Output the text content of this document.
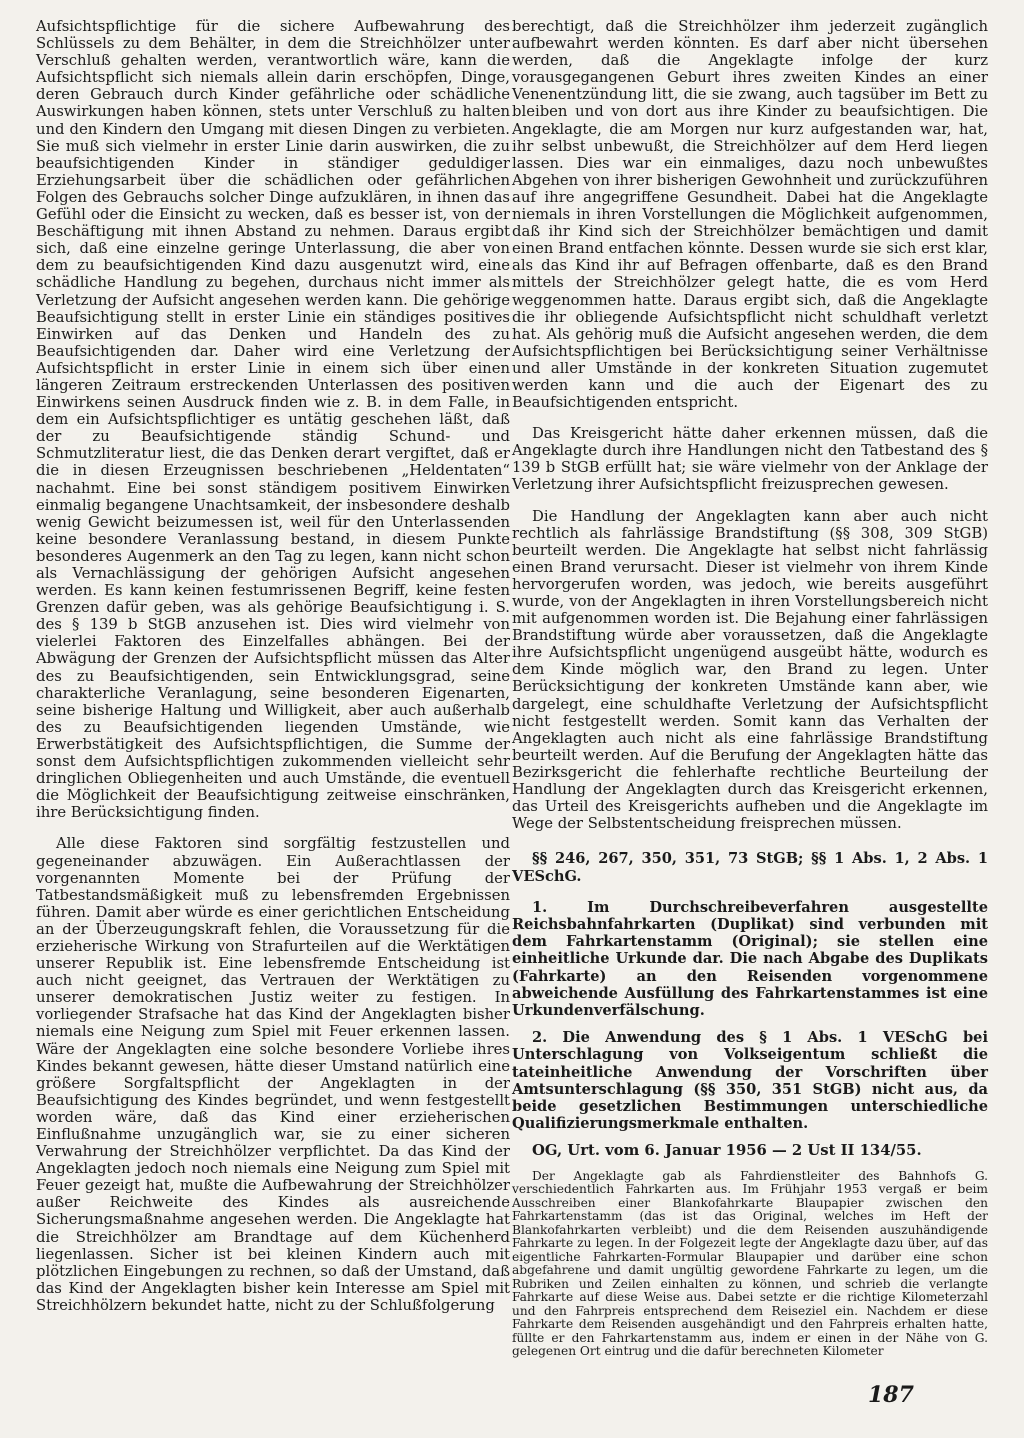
Aufsichtspflichtige für die sichere Aufbewahrung des Schlüssels zu dem Behälter, in dem die Streichhölzer unter Verschluß gehalten werden, verantwortlich wäre, kann die Aufsichtspflicht sich niemals allein darin erschöpfen, Dinge, deren Gebrauch durch Kinder gefährliche oder schädliche Auswirkungen haben können, stets unter Verschluß zu halten und den Kindern den Umgang mit diesen Dingen zu verbieten. Sie muß sich vielmehr in erster Linie darin auswirken, die zu beaufsichtigenden Kinder in ständiger geduldiger Erziehungsarbeit über die schädlichen oder gefährlichen Folgen des Gebrauchs solcher Dinge aufzuklären, in ihnen das Gefühl oder die Einsicht zu wecken, daß es besser ist, von der Beschäftigung mit ihnen Abstand zu nehmen. Daraus ergibt sich, daß eine einzelne geringe Unterlassung, die aber von dem zu beaufsichtigenden Kind dazu ausgenutzt wird, eine schädliche Handlung zu begehen, durchaus nicht immer als Verletzung der Aufsicht angesehen werden kann. Die gehörige Beaufsichtigung stellt in erster Linie ein ständiges positives Einwirken auf das Denken und Handeln des zu Beaufsichtigenden dar. Daher wird eine Verletzung der Aufsichtspflicht in erster Linie in einem sich über einen längeren Zeitraum erstreckenden Unterlassen des positiven Einwirkens seinen Ausdruck finden wie z. B. in dem Falle, in dem ein Aufsichtspflichtiger es untätig geschehen läßt, daß der zu Beaufsichtigende ständig Schund- und Schmutzliteratur liest, die das Denken derart vergiftet, daß er die in diesen Erzeugnissen beschriebenen „Heldentaten“ nachahmt. Eine bei sonst ständigem positivem Einwirken einmalig begangene Unachtsamkeit, der insbesondere deshalb wenig Gewicht beizumessen ist, weil für den Unterlassenden keine besondere Veranlassung bestand, in diesem Punkte besonderes Augenmerk an den Tag zu legen, kann nicht schon als Vernachlässigung der gehörigen Aufsicht angesehen werden. Es kann keinen festumrissenen Begriff, keine festen Grenzen dafür geben, was als gehörige Beaufsichtigung i. S. des § 139 b StGB anzusehen ist. Dies wird vielmehr von vielerlei Faktoren des Einzelfalles abhängen. Bei der Abwägung der Grenzen der Aufsichtspflicht müssen das Alter des zu Beaufsichtigenden, sein Entwicklungsgrad, seine charakterliche Veranlagung, seine besonderen Eigenarten, seine bisherige Haltung und Willigkeit, aber auch außerhalb des zu Beaufsichtigenden liegenden Umstände, wie Erwerbstätigkeit des Aufsichtspflichtigen, die Summe der sonst dem Aufsichtspflichtigen zukommenden vielleicht sehr dringlichen Obliegenheiten und auch Umstände, die eventuell die Möglichkeit der Beaufsichtigung zeitweise einschränken, ihre Berücksichtigung finden.

Alle diese Faktoren sind sorgfältig festzustellen und gegeneinander abzuwägen. Ein Außerachtlassen der vorgenannten Momente bei der Prüfung der Tatbestandsmäßigkeit muß zu lebensfremden Ergebnissen führen. Damit aber würde es einer gerichtlichen Entscheidung an der Überzeugungskraft fehlen, die Voraussetzung für die erzieherische Wirkung von Strafurteilen auf die Werktätigen unserer Republik ist. Eine lebensfremde Entscheidung ist auch nicht geeignet, das Vertrauen der Werktätigen zu unserer demokratischen Justiz weiter zu festigen. In vorliegender Strafsache hat das Kind der Angeklagten bisher niemals eine Neigung zum Spiel mit Feuer erkennen lassen. Wäre der Angeklagten eine solche besondere Vorliebe ihres Kindes bekannt gewesen, hätte dieser Umstand natürlich eine größere Sorgfaltspflicht der Angeklagten in der Beaufsichtigung des Kindes begründet, und wenn festgestellt worden wäre, daß das Kind einer erzieherischen Einflußnahme unzugänglich war, sie zu einer sicheren Verwahrung der Streichhölzer verpflichtet. Da das Kind der Angeklagten jedoch noch niemals eine Neigung zum Spiel mit Feuer gezeigt hat, mußte die Aufbewahrung der Streichhölzer außer Reichweite des Kindes als ausreichende Sicherungsmaßnahme angesehen werden. Die Angeklagte hat die Streichhölzer am Brandtage auf dem Küchenherd liegenlassen. Sicher ist bei kleinen Kindern auch mit plötzlichen Eingebungen zu rechnen, so daß der Umstand, daß das Kind der Angeklagten bisher kein Interesse am Spiel mit Streichhölzern bekundet hatte, nicht zu der Schlußfolgerung

berechtigt, daß die Streichhölzer ihm jederzeit zugänglich aufbewahrt werden könnten. Es darf aber nicht übersehen werden, daß die Angeklagte infolge der kurz vorausgegangenen Geburt ihres zweiten Kindes an einer Venenentzündung litt, die sie zwang, auch tagsüber im Bett zu bleiben und von dort aus ihre Kinder zu beaufsichtigen. Die Angeklagte, die am Morgen nur kurz aufgestanden war, hat, ihr selbst unbewußt, die Streichhölzer auf dem Herd liegen lassen. Dies war ein einmaliges, dazu noch unbewußtes Abgehen von ihrer bisherigen Gewohnheit und zurückzuführen auf ihre angegriffene Gesundheit. Dabei hat die Angeklagte niemals in ihren Vorstellungen die Möglichkeit aufgenommen, daß ihr Kind sich der Streichhölzer bemächtigen und damit einen Brand entfachen könnte. Dessen wurde sie sich erst klar, als das Kind ihr auf Befragen offenbarte, daß es den Brand mittels der Streichhölzer gelegt hatte, die es vom Herd weggenommen hatte. Daraus ergibt sich, daß die Angeklagte die ihr obliegende Aufsichtspflicht nicht schuldhaft verletzt hat. Als gehörig muß die Aufsicht angesehen werden, die dem Aufsichtspflichtigen bei Berücksichtigung seiner Verhältnisse und aller Umstände in der konkreten Situation zugemutet werden kann und die auch der Eigenart des zu Beaufsichtigenden entspricht.

Das Kreisgericht hätte daher erkennen müssen, daß die Angeklagte durch ihre Handlungen nicht den Tatbestand des § 139 b StGB erfüllt hat; sie wäre vielmehr von der Anklage der Verletzung ihrer Aufsichtspflicht freizusprechen gewesen.

Die Handlung der Angeklagten kann aber auch nicht rechtlich als fahrlässige Brandstiftung (§§ 308, 309 StGB) beurteilt werden. Die Angeklagte hat selbst nicht fahrlässig einen Brand verursacht. Dieser ist vielmehr von ihrem Kinde hervorgerufen worden, was jedoch, wie bereits ausgeführt wurde, von der Angeklagten in ihren Vorstellungsbereich nicht mit aufgenommen worden ist. Die Bejahung einer fahrlässigen Brandstiftung würde aber voraussetzen, daß die Angeklagte ihre Aufsichtspflicht ungenügend ausgeübt hätte, wodurch es dem Kinde möglich war, den Brand zu legen. Unter Berücksichtigung der konkreten Umstände kann aber, wie dargelegt, eine schuldhafte Verletzung der Aufsichtspflicht nicht festgestellt werden. Somit kann das Verhalten der Angeklagten auch nicht als eine fahrlässige Brandstiftung beurteilt werden. Auf die Berufung der Angeklagten hätte das Bezirksgericht die fehlerhafte rechtliche Beurteilung der Handlung der Angeklagten durch das Kreisgericht erkennen, das Urteil des Kreisgerichts aufheben und die Angeklagte im Wege der Selbstentscheidung freisprechen müssen.

§§ 246, 267, 350, 351, 73 StGB; §§ 1 Abs. 1, 2 Abs. 1 VESchG.

1. Im Durchschreibeverfahren ausgestellte Reichsbahnfahrkarten (Duplikat) sind verbunden mit dem Fahrkartenstamm (Original); sie stellen eine einheitliche Urkunde dar. Die nach Abgabe des Duplikats (Fahrkarte) an den Reisenden vorgenommene abweichende Ausfüllung des Fahrkartenstammes ist eine Urkundenverfälschung.

2. Die Anwendung des § 1 Abs. 1 VESchG bei Unterschlagung von Volkseigentum schließt die tateinheitliche Anwendung der Vorschriften über Amtsunterschlagung (§§ 350, 351 StGB) nicht aus, da beide gesetzlichen Bestimmungen unterschiedliche Qualifizierungsmerkmale enthalten.

OG, Urt. vom 6. Januar 1956 — 2 Ust II 134/55.

Der Angeklagte gab als Fahrdienstleiter des Bahnhofs G. verschiedentlich Fahrkarten aus. Im Frühjahr 1953 vergaß er beim Ausschreiben einer Blankofahrkarte Blaupapier zwischen den Fahrkartenstamm (das ist das Original, welches im Heft der Blankofahrkarten verbleibt) und die dem Reisenden auszuhändigende Fahrkarte zu legen. In der Folgezeit legte der Angeklagte dazu über, auf das eigentliche Fahrkarten-Formular Blaupapier und darüber eine schon abgefahrene und damit ungültig gewordene Fahrkarte zu legen, um die Rubriken und Zeilen einhalten zu können, und schrieb die verlangte Fahrkarte auf diese Weise aus. Dabei setzte er die richtige Kilometerzahl und den Fahrpreis entsprechend dem Reiseziel ein. Nachdem er diese Fahrkarte dem Reisenden ausgehändigt und den Fahrpreis erhalten hatte, füllte er den Fahrkartenstamm aus, indem er einen in der Nähe von G. gelegenen Ort eintrug und die dafür berechneten Kilometer

187
